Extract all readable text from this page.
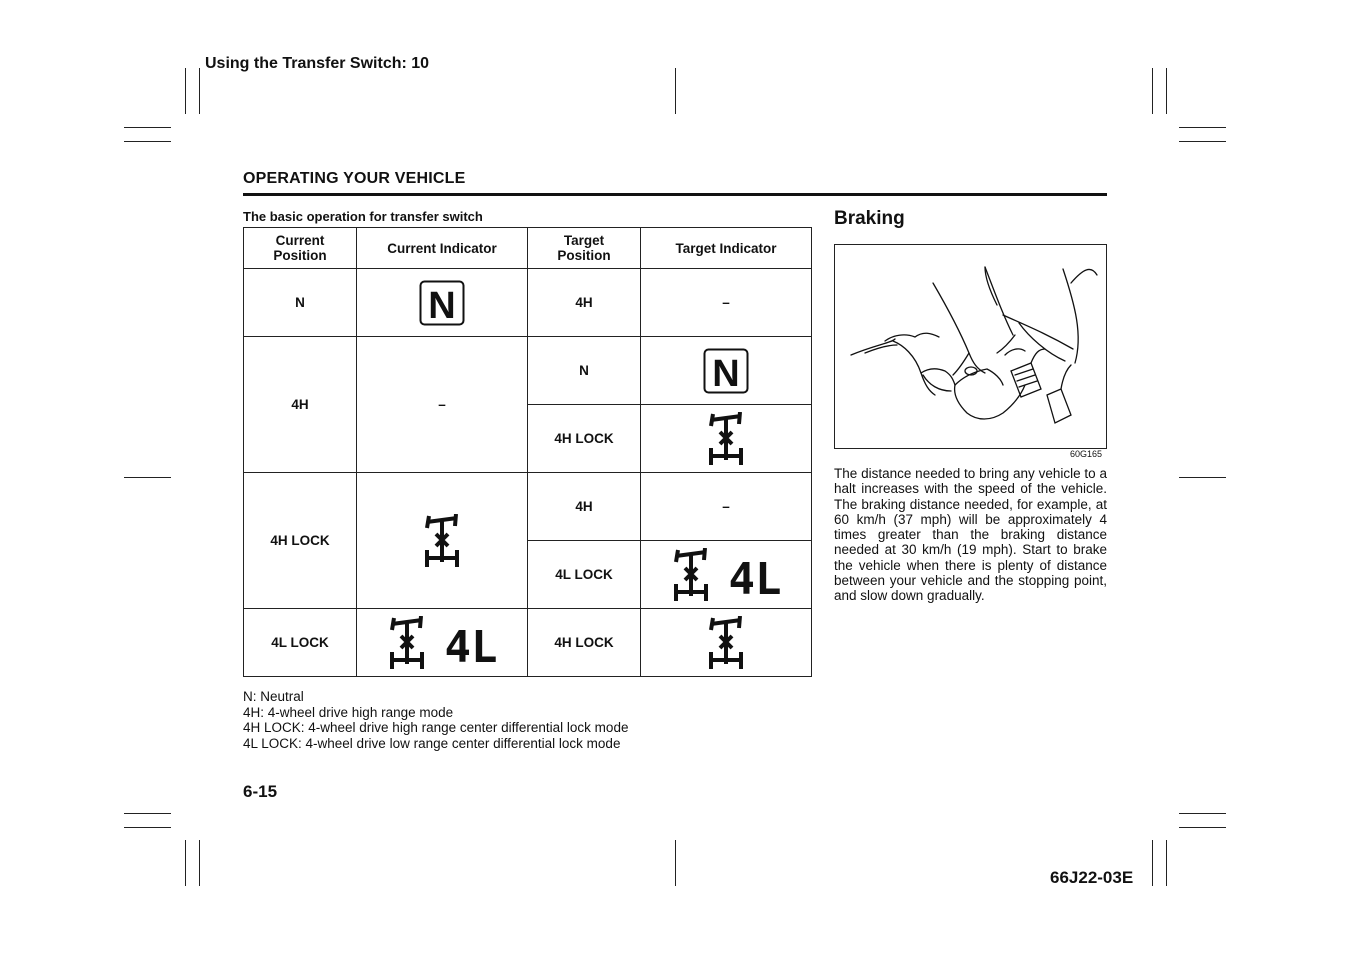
Using the Transfer Switch: 10
OPERATING YOUR VEHICLE
The basic operation for transfer switch
Current Position	Current Indicator	Target Position	Target Indicator
N	N	4H	–
4H	–	N	N

		4H LOCK	
4H LOCK		4H	–
		4L LOCK	4L

4L LOCK	4L	4H LOCK	
N: Neutral
4H: 4-wheel drive high range mode
4H LOCK: 4-wheel drive high range center differential lock mode
4L LOCK: 4-wheel drive low range center differential lock mode
6-15
66J22-03E
Braking
60G165
The distance needed to bring any vehicle to a halt increases with the speed of the vehicle. The braking distance needed, for example, at 60 km/h (37 mph) will be approximately 4 times greater than the braking distance needed at 30 km/h (19 mph). Start to brake the vehicle when there is plenty of distance between your vehicle and the stopping point, and slow down gradually.
